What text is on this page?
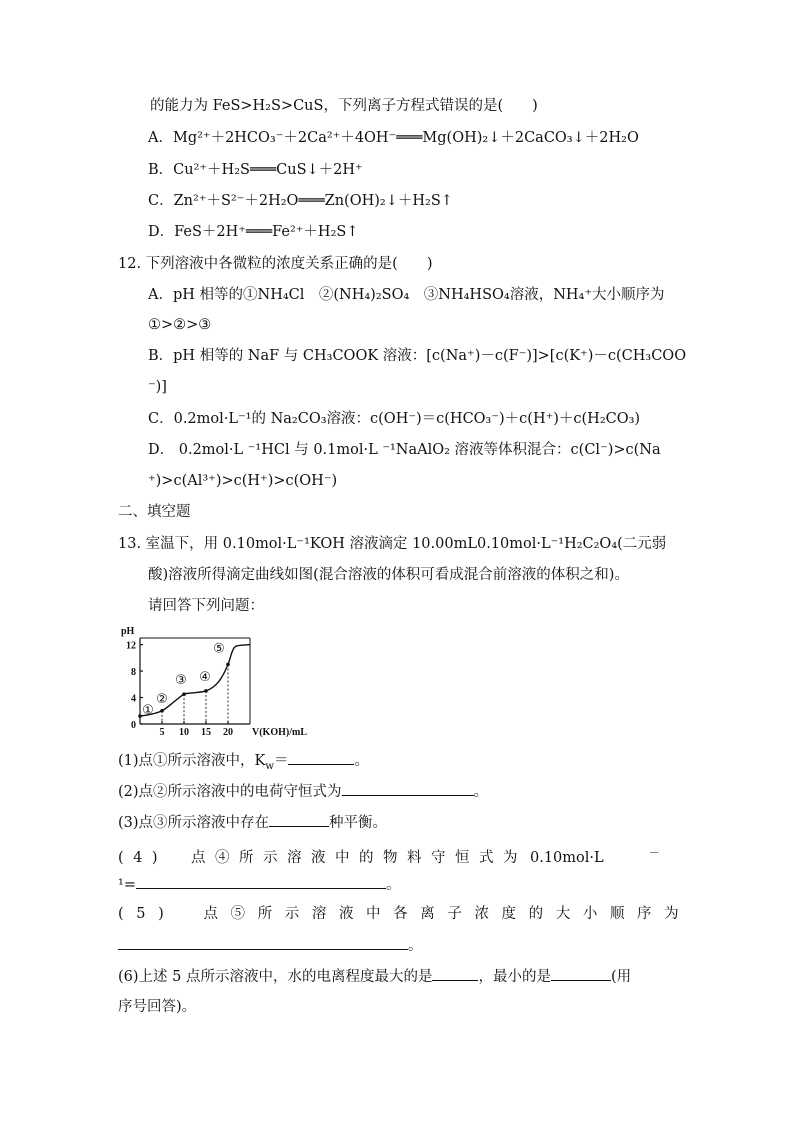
的能力为 FeS>H₂S>CuS，下列离子方程式错误的是(　　)
A．Mg²⁺＋2HCO₃⁻＋2Ca²⁺＋4OH⁻═══Mg(OH)₂↓＋2CaCO₃↓＋2H₂O
B．Cu²⁺＋H₂S═══CuS↓＋2H⁺
C．Zn²⁺＋S²⁻＋2H₂O═══Zn(OH)₂↓＋H₂S↑
D．FeS＋2H⁺═══Fe²⁺＋H₂S↑
12. 下列溶液中各微粒的浓度关系正确的是(　　)
A．pH 相等的①NH₄Cl　②(NH₄)₂SO₄　③NH₄HSO₄溶液，NH₄⁺大小顺序为
①>②>③
B．pH 相等的 NaF 与 CH₃COOK 溶液：[c(Na⁺)－c(F⁻)]>[c(K⁺)－c(CH₃COO
⁻)]
C．0.2mol·L⁻¹的 Na₂CO₃溶液：c(OH⁻)＝c(HCO₃⁻)＋c(H⁺)＋c(H₂CO₃)
D． 0.2mol·L ⁻¹HCl 与 0.1mol·L ⁻¹NaAlO₂ 溶液等体积混合：c(Cl⁻)>c(Na
⁺)>c(Al³⁺)>c(H⁺)>c(OH⁻)
二、填空题
13. 室温下，用 0.10mol·L⁻¹KOH 溶液滴定 10.00mL0.10mol·L⁻¹H₂C₂O₄(二元弱
酸)溶液所得滴定曲线如图(混合溶液的体积可看成混合前溶液的体积之和)。
请回答下列问题：
5 10 15 20
0
4
8
12
①
②
③ ④
⑤
pH
V(KOH)/mL
(1)点①所示溶液中，$K_w=$	。
(2)点②所示溶液中的电荷守恒式为	。
(3)点③所示溶液中存在	种平衡。
(4)　点④所示溶液中的物料守恒式为 0.10mol·L	－
¹=	。
(5)　点⑤所示溶液中各离子浓度的大小顺序为
。
(6)上述 5 点所示溶液中，水的电离程度最大的是	，最小的是	(用
序号回答)。
